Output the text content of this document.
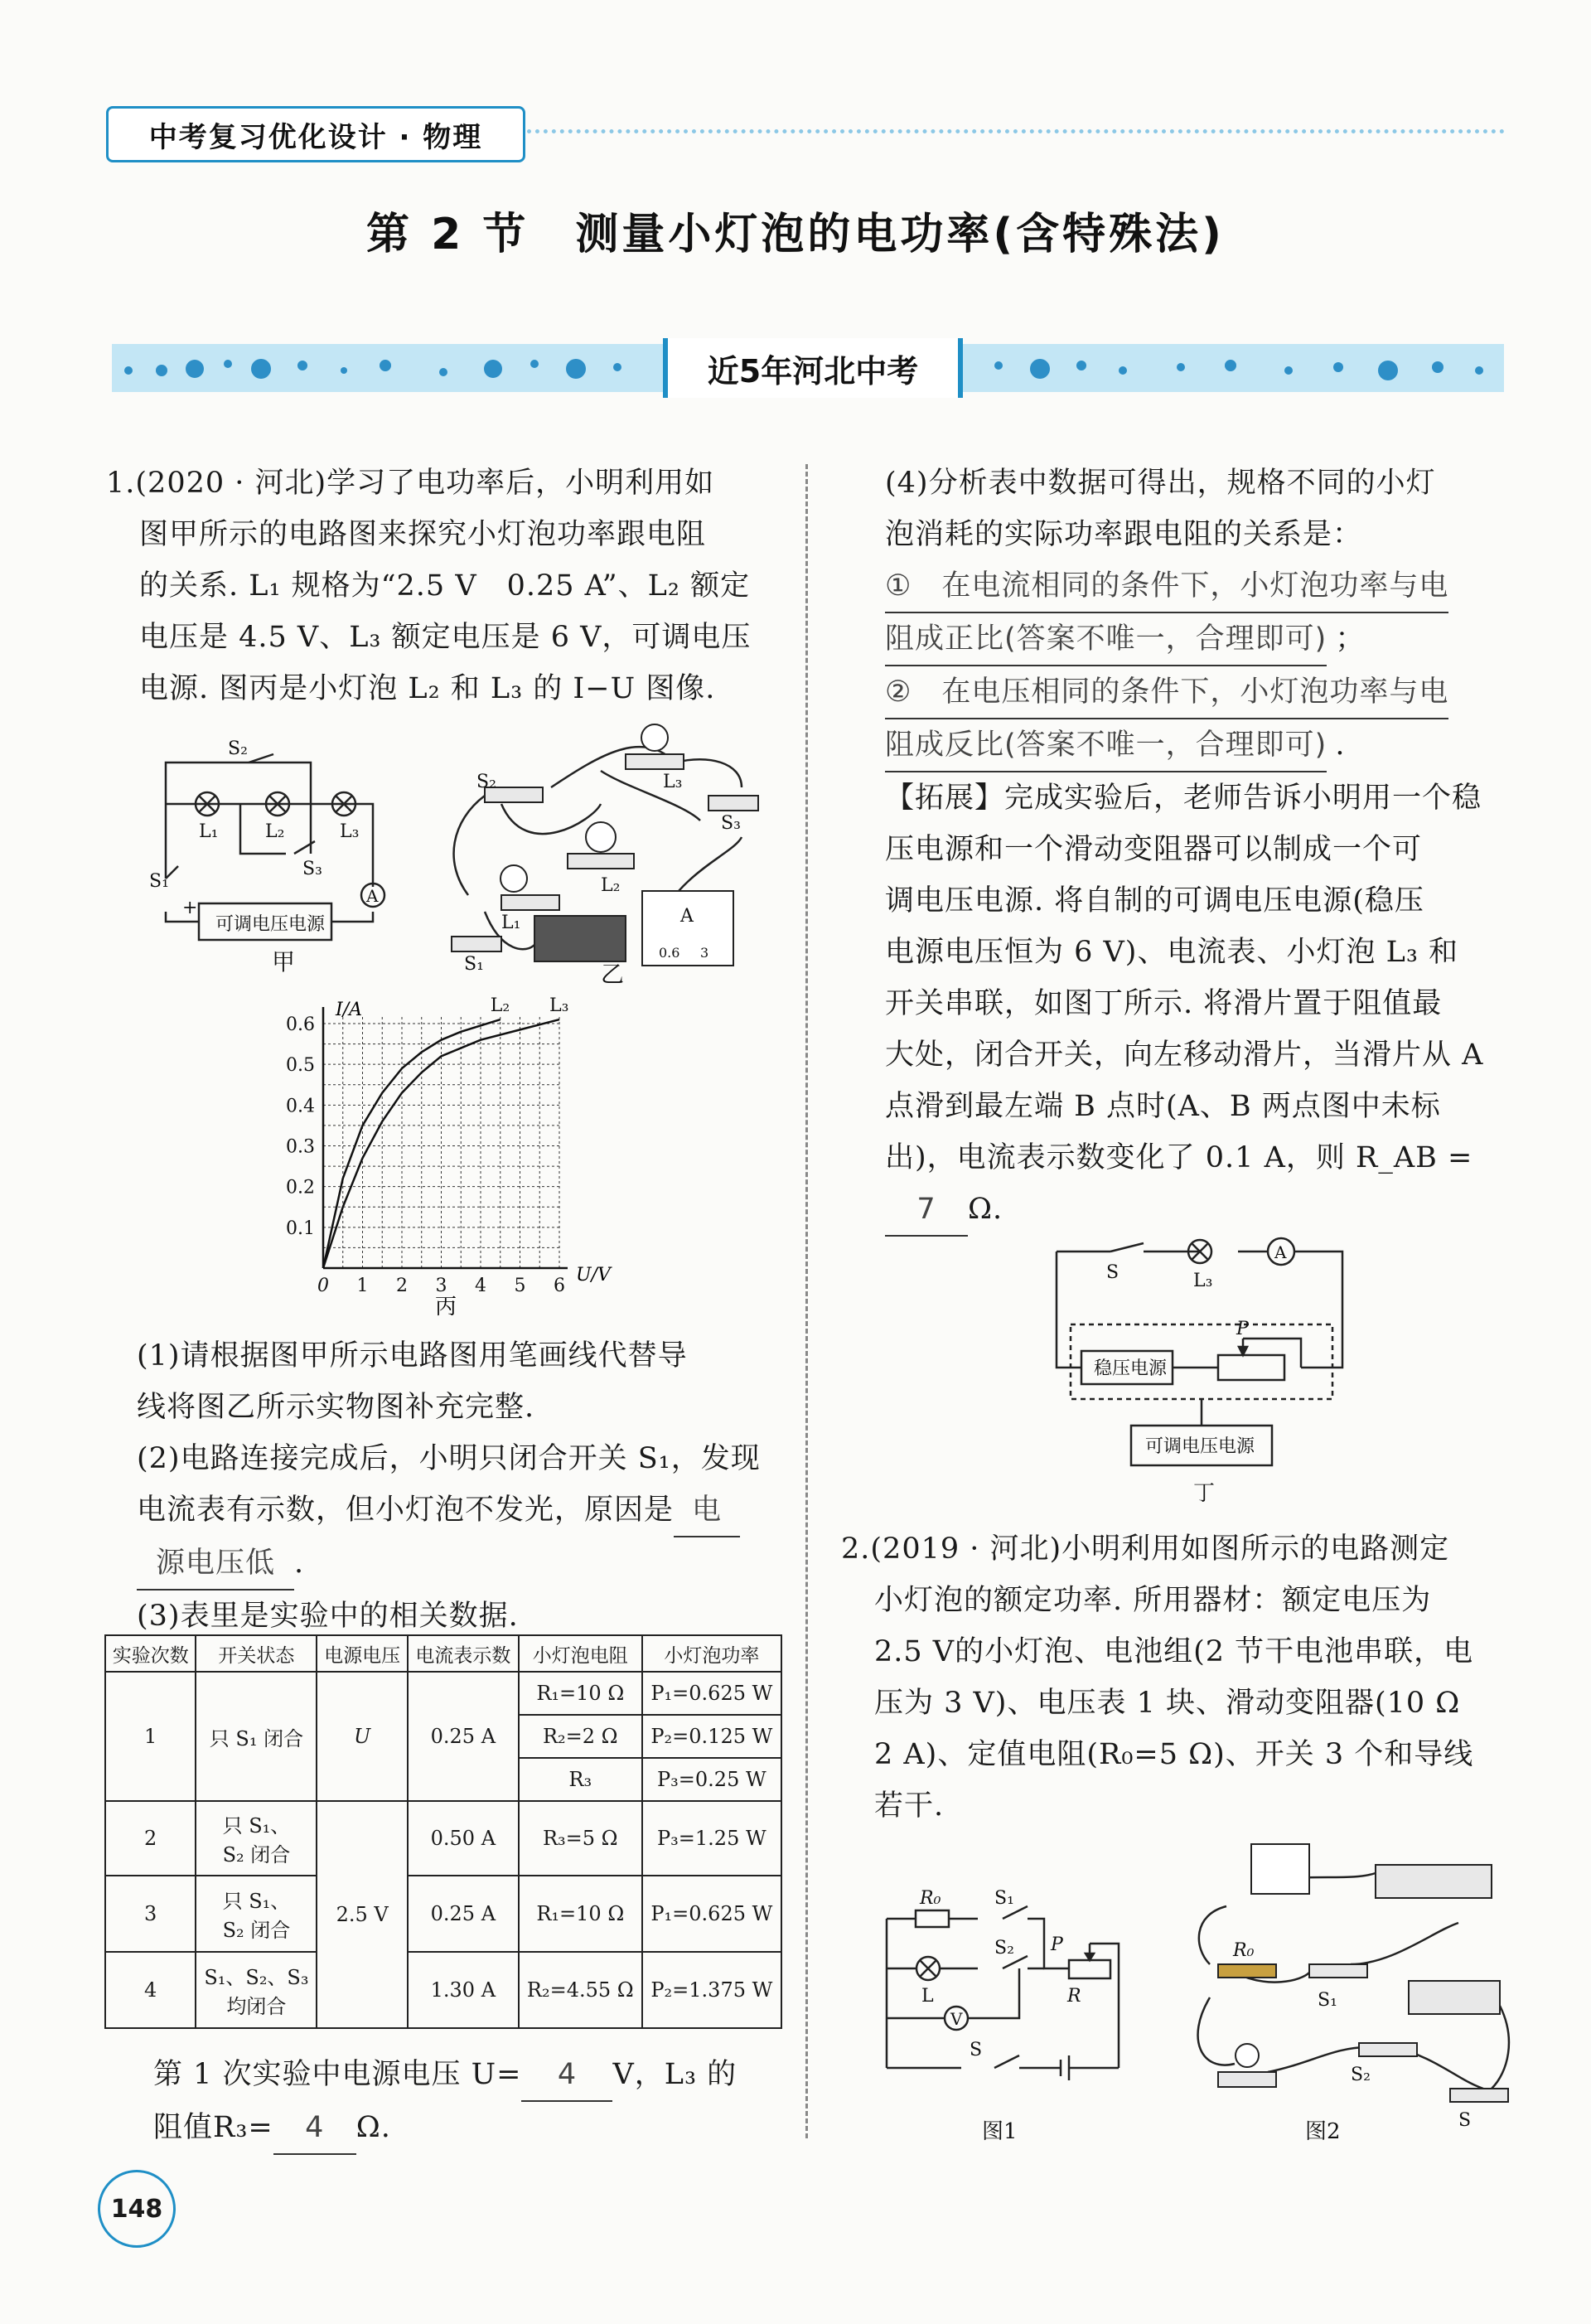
中考复习优化设计 · 物理
第 2 节　测量小灯泡的电功率(含特殊法)
近5年河北中考
1.(2020 · 河北)学习了电功率后，小明利用如
图甲所示的电路图来探究小灯泡功率跟电阻
的关系. L₁ 规格为“2.5 V　0.25 A”、L₂ 额定
电压是 4.5 V、L₃ 额定电压是 6 V，可调电压
电源. 图丙是小灯泡 L₂ 和 L₃ 的 I−U 图像.
S₂
L₁	L₂	L₃
S₃
S₁
A
+
可调电压电源
甲
S₂	L₃
L₂
L₁
S₃
S₁
A
0.6 3
乙
0 1 2 3 4 5 6
0.1
0.2
0.3
0.4
0.5
0.6
L₂ L₃
I/A
U/V
丙
(1)请根据图甲所示电路图用笔画线代替导
线将图乙所示实物图补充完整.
(2)电路连接完成后，小明只闭合开关 S₁，发现
电流表有示数，但小灯泡不发光，原因是 电
源电压低 .
(3)表里是实验中的相关数据.
实验次数	开关状态	电源电压	电流表示数	小灯泡电阻	小灯泡功率
1	只 S₁ 闭合	U	0.25 A	R₁=10 Ω	P₁=0.625 W
				R₂=2 Ω	P₂=0.125 W
				R₃	P₃=0.25 W
2	只 S₁、
S₂ 闭合	2.5 V	0.50 A	R₃=5 Ω	P₃=1.25 W
3	只 S₁、
S₂ 闭合		0.25 A	R₁=10 Ω	P₁=0.625 W
4	S₁、S₂、S₃
均闭合		1.30 A	R₂=4.55 Ω	P₂=1.375 W
第 1 次实验中电源电压 U= 4 V，L₃ 的
阻值R₃= 4 Ω.
(4)分析表中数据可得出，规格不同的小灯
泡消耗的实际功率跟电阻的关系是：
①　在电流相同的条件下，小灯泡功率与电
阻成正比(答案不唯一，合理即可) ；
②　在电压相同的条件下，小灯泡功率与电
阻成反比(答案不唯一，合理即可) .
【拓展】完成实验后，老师告诉小明用一个稳
压电源和一个滑动变阻器可以制成一个可
调电压电源. 将自制的可调电压电源(稳压
电源电压恒为 6 V)、电流表、小灯泡 L₃ 和
开关串联，如图丁所示. 将滑片置于阻值最
大处，闭合开关，向左移动滑片，当滑片从 A
点滑到最左端 B 点时(A、B 两点图中未标
出)，电流表示数变化了 0.1 A，则 R_AB =
7 Ω.
S	L₃
A
P
稳压电源
可调电压电源
丁
2.(2019 · 河北)小明利用如图所示的电路测定
小灯泡的额定功率. 所用器材：额定电压为
2.5 V的小灯泡、电池组(2 节干电池串联，电
压为 3 V)、电压表 1 块、滑动变阻器(10 Ω
2 A)、定值电阻(R₀=5 Ω)、开关 3 个和导线
若干.
R₀	S₁
S₂ P
R
L
V
S
图1
R₀
S₁
S₂
S
图2
148
